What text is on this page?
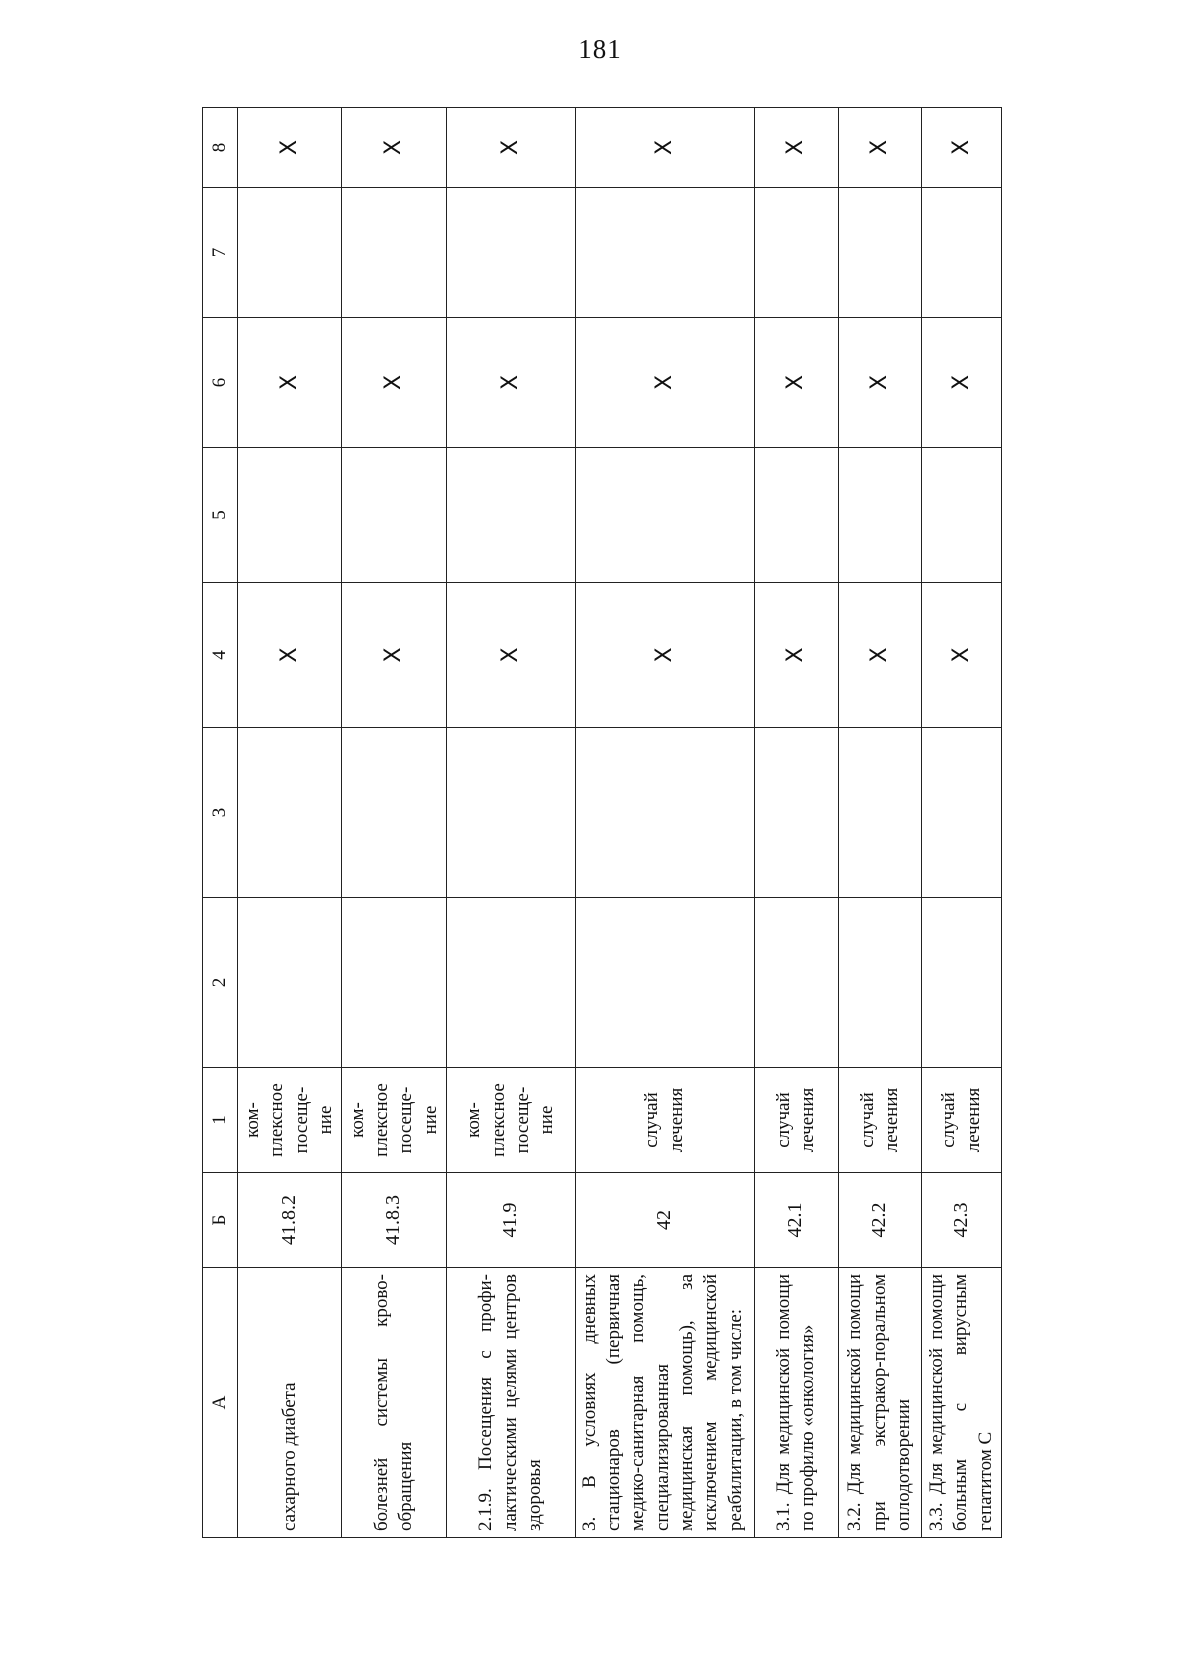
181
А	Б	1	2	3	4	5	6	7	8
сахарного диабета	41.8.2	ком-
плексное
посеще-
ние			X		X		X
болезней системы крово-обращения	41.8.3	ком-
плексное
посеще-
ние			X		X		X
2.1.9. Посещения с профи-лактическими целями центров здоровья	41.9	ком-
плексное
посеще-
ние			X		X		X
3. В условиях дневных стационаров (первичная медико-санитарная помощь, специализированная медицинская помощь), за исключением медицинской реабилитации, в том числе:	42	случай
лечения			X		X		X
3.1. Для медицинской помощи по профилю «онкология»	42.1	случай
лечения			X		X		X
3.2. Для медицинской помощи при экстракор-поральном оплодотворении	42.2	случай
лечения			X		X		X
3.3. Для медицинской помощи больным с вирусным гепатитом С	42.3	случай
лечения			X		X		X
